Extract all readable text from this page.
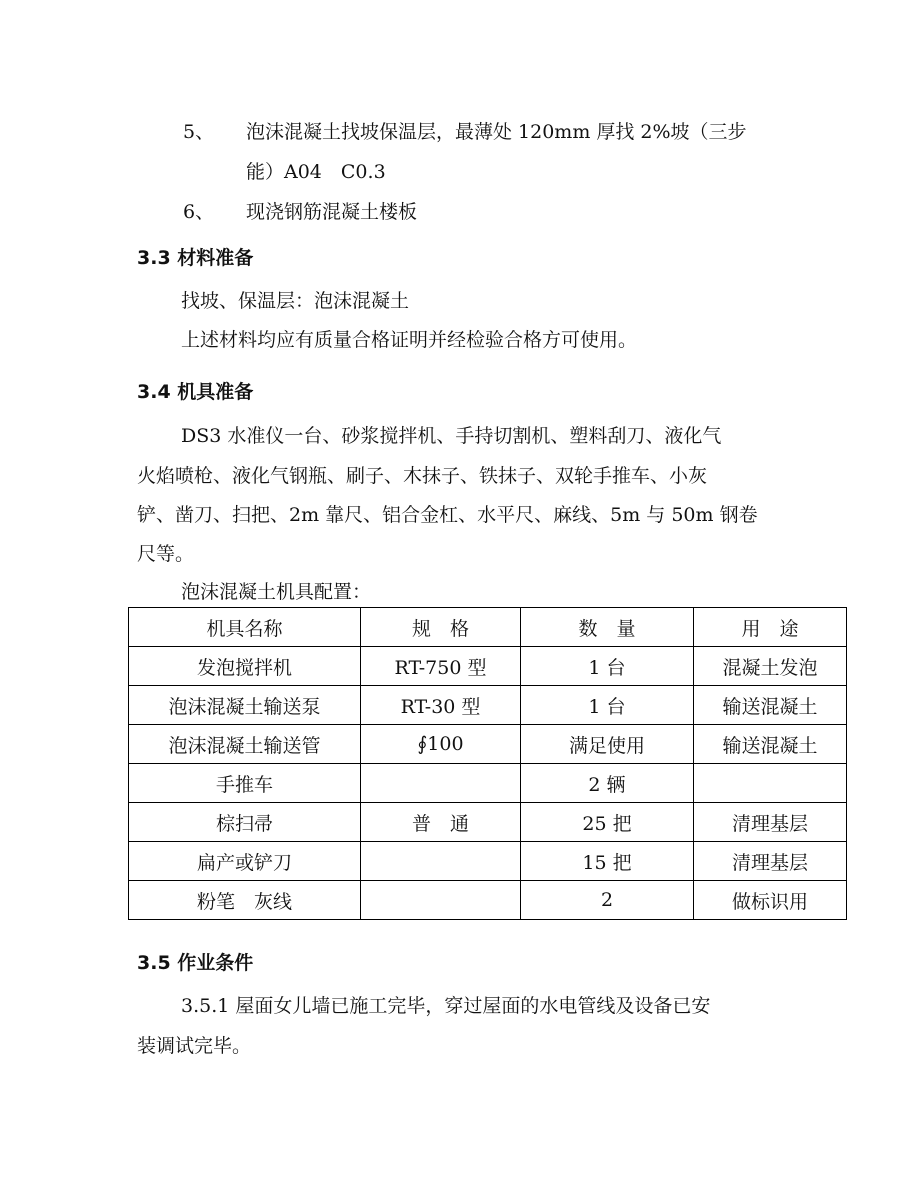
5、 泡沫混凝土找坡保温层，最薄处 120mm 厚找 2%坡（三步
能）A04　C0.3
6、 现浇钢筋混凝土楼板
3.3 材料准备
找坡、保温层：泡沫混凝土
上述材料均应有质量合格证明并经检验合格方可使用。
3.4 机具准备
DS3 水准仪一台、砂浆搅拌机、手持切割机、塑料刮刀、液化气
火焰喷枪、液化气钢瓶、刷子、木抹子、铁抹子、双轮手推车、小灰
铲、凿刀、扫把、2m 靠尺、铝合金杠、水平尺、麻线、5m 与 50m 钢卷
尺等。
泡沫混凝土机具配置：
机具名称	规　格	数　量	用　途
发泡搅拌机	RT-750 型	1 台	混凝土发泡
泡沫混凝土输送泵	RT-30 型	1 台	输送混凝土
泡沫混凝土输送管	∮100	满足使用	输送混凝土
手推车		2 辆	
棕扫帚	普　通	25 把	清理基层
扁产或铲刀		15 把	清理基层
粉笔　灰线		2	做标识用
3.5 作业条件
3.5.1 屋面女儿墙已施工完毕，穿过屋面的水电管线及设备已安
装调试完毕。
